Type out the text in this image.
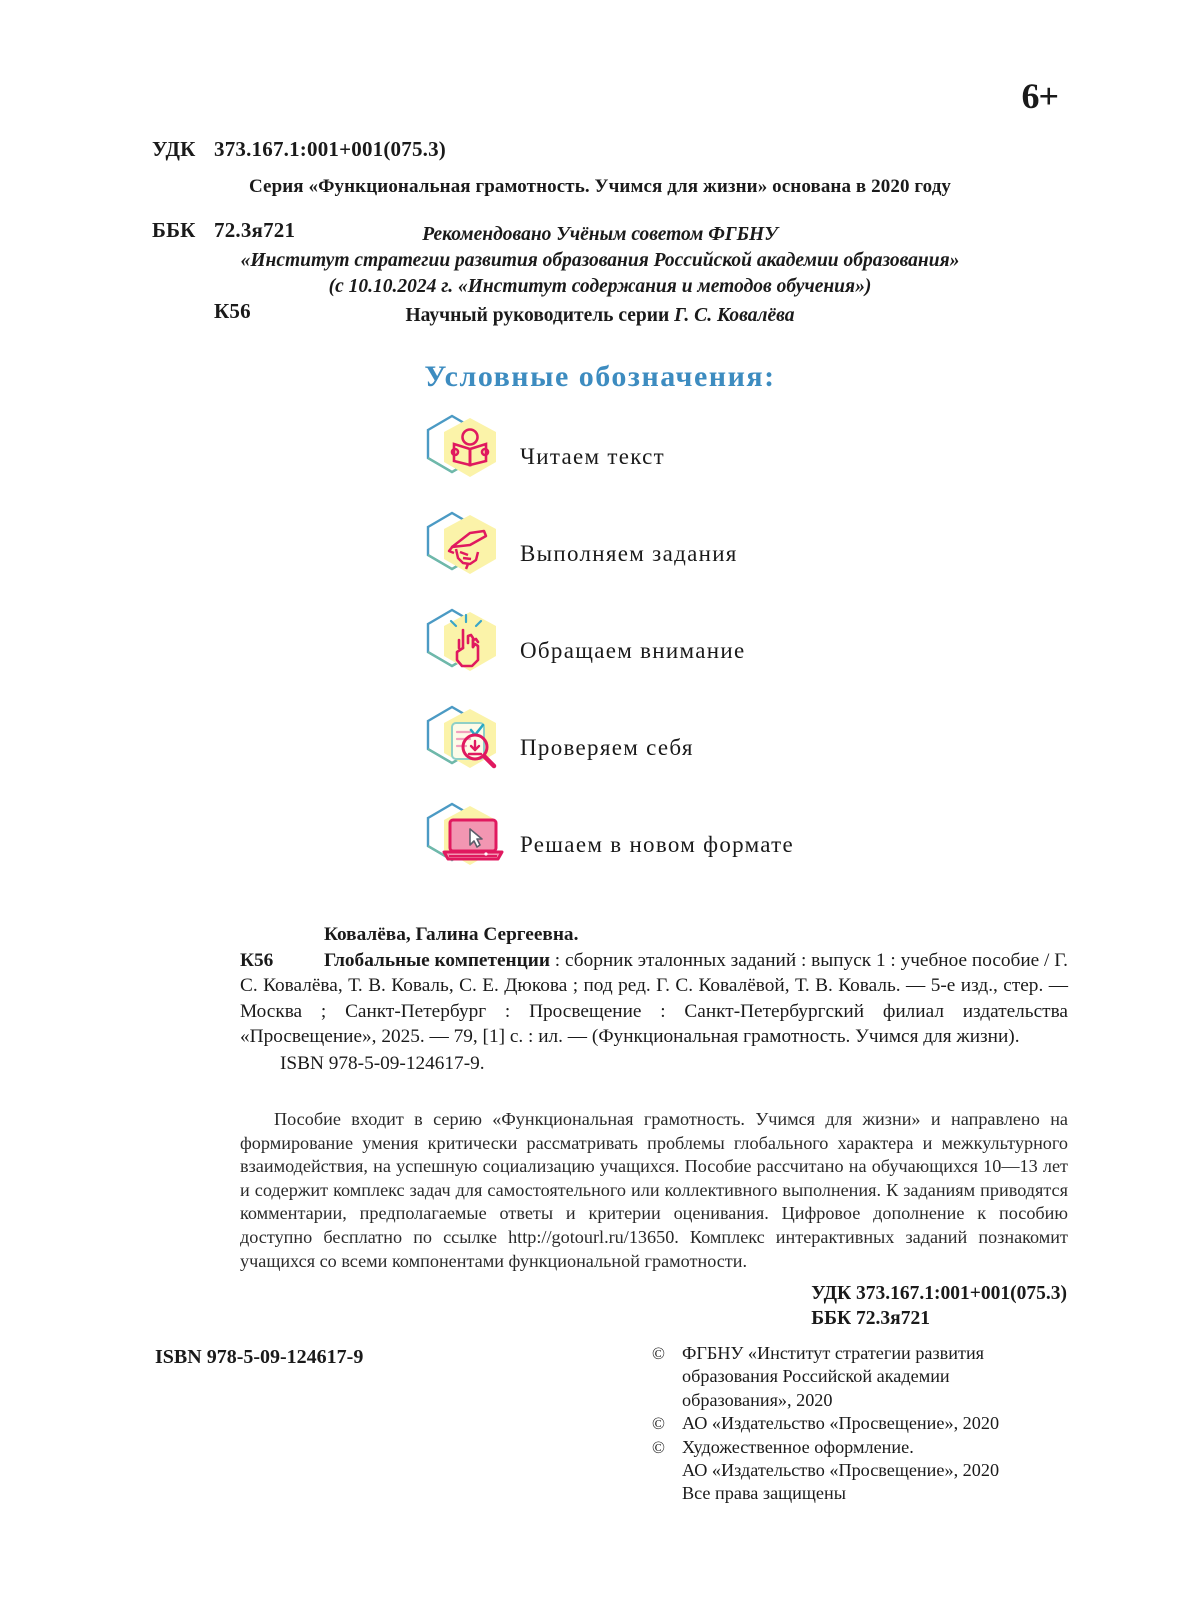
УДК 373.167.1:001+001(075.3)

ББК 72.3я721

К56

6+
Серия «Функциональная грамотность. Учимся для жизни» основана в 2020 году
Рекомендовано Учёным советом ФГБНУ
«Институт стратегии развития образования Российской академии образования»
(с 10.10.2024 г. «Институт содержания и методов обучения»)
Научный руководитель серии Г. С. Ковалёва
Условные обозначения:
Читаем текст
Выполняем задания
Обращаем внимание
Проверяем себя
Решаем в новом формате
Ковалёва, Галина Сергеевна.
К56	Глобальные компетенции : сборник эталонных заданий : выпуск 1 : учебное пособие / Г. С. Ковалёва, Т. В. Коваль, С. Е. Дюкова ; под ред. Г. С. Ковалёвой, Т. В. Коваль. — 5-е изд., стер. — Москва ; Санкт-Петербург : Просвещение : Санкт-Петербургский филиал издательства «Просвещение», 2025. — 79, [1] с. : ил. — (Функциональная грамотность. Учимся для жизни).
ISBN 978-5-09-124617-9.
Пособие входит в серию «Функциональная грамотность. Учимся для жизни» и направлено на формирование умения критически рассматривать проблемы глобального характера и межкультурного взаимодействия, на успешную социализацию учащихся. Пособие рассчитано на обучающихся 10—13 лет и содержит комплекс задач для самостоятельного или коллективного выполнения. К заданиям приводятся комментарии, предполагаемые ответы и критерии оценивания. Цифровое дополнение к пособию доступно бесплатно по ссылке http://gotourl.ru/13650. Комплекс интерактивных заданий познакомит учащихся со всеми компонентами функциональной грамотности.
УДК 373.167.1:001+001(075.3)
ББК 72.3я721
ISBN 978-5-09-124617-9	© ФГБНУ «Институт стратегии развития
образования Российской академии
образования», 2020
© АО «Издательство «Просвещение», 2020
© Художественное оформление.
АО «Издательство «Просвещение», 2020
Все права защищены
